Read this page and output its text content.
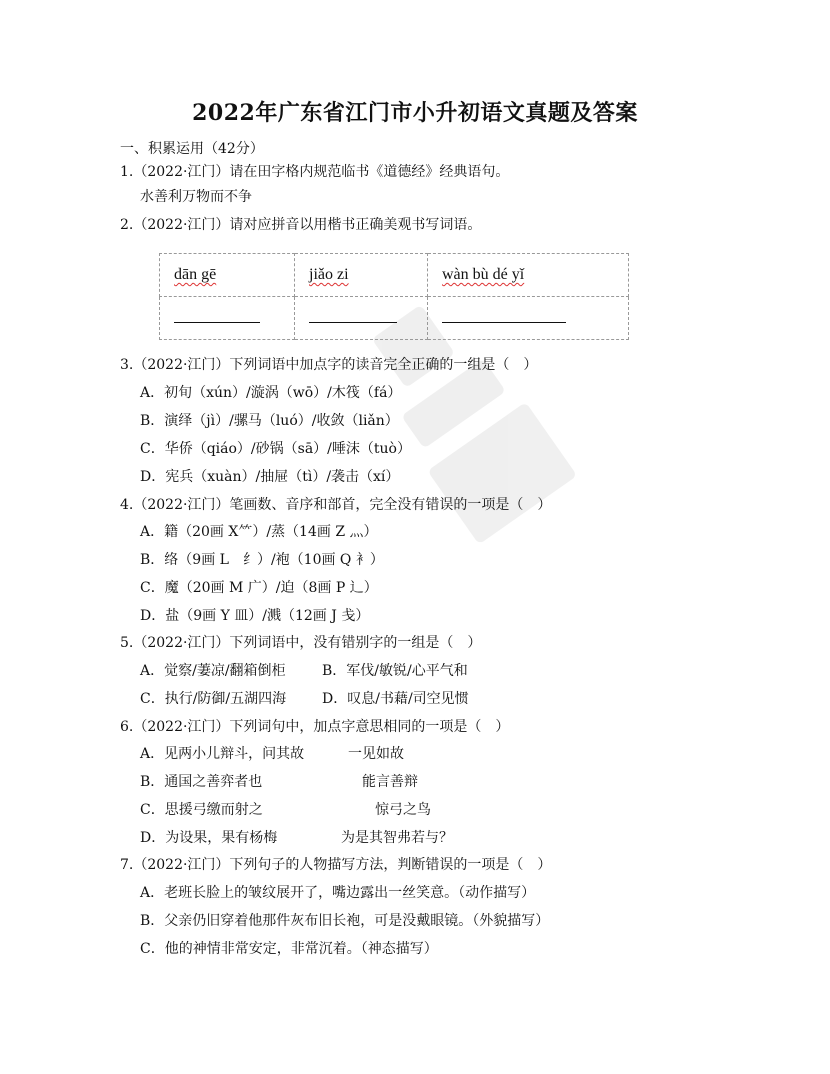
2022年广东省江门市小升初语文真题及答案
一、积累运用（42分）
1.（2022·江门）请在田字格内规范临书《道德经》经典语句。
水善利万物而不争
2.（2022·江门）请对应拼音以用楷书正确美观书写词语。
dān gē	jiǎo zi	wàn bù dé yǐ

3.（2022·江门）下列词语中加点字的读音完全正确的一组是（　）
A．初旬（xún）/漩涡（wō）/木筏（fá）
B．演绎（jì）/骡马（luó）/收敛（liǎn）
C．华侨（qiáo）/砂锅（sā）/唾沫（tuò）
D．宪兵（xuàn）/抽屉（tì）/袭击（xí）
4.（2022·江门）笔画数、音序和部首，完全没有错误的一项是（　）
A．籍（20画 X⺮）/蒸（14画 Z 灬）
B．络（9画 L　纟）/袍（10画 Q 衤）
C．魔（20画 M 广）/迫（8画 P 辶）
D．盐（9画 Y 皿）/溅（12画 J 戋）
5.（2022·江门）下列词语中，没有错别字的一组是（　）
A．觉察/萋凉/翻箱倒柜	B．军伐/敏锐/心平气和
C．执行/防御/五湖四海	D．叹息/书藉/司空见惯
6.（2022·江门）下列词句中，加点字意思相同的一项是（　）
A．见两小儿辩斗，问其故	一见如故
B．通国之善弈者也	能言善辩
C．思援弓缴而射之	惊弓之鸟
D．为设果，果有杨梅	为是其智弗若与？
7.（2022·江门）下列句子的人物描写方法，判断错误的一项是（　）
A．老班长脸上的皱纹展开了，嘴边露出一丝笑意。（动作描写）
B．父亲仍旧穿着他那件灰布旧长袍，可是没戴眼镜。（外貌描写）
C．他的神情非常安定，非常沉着。（神态描写）
